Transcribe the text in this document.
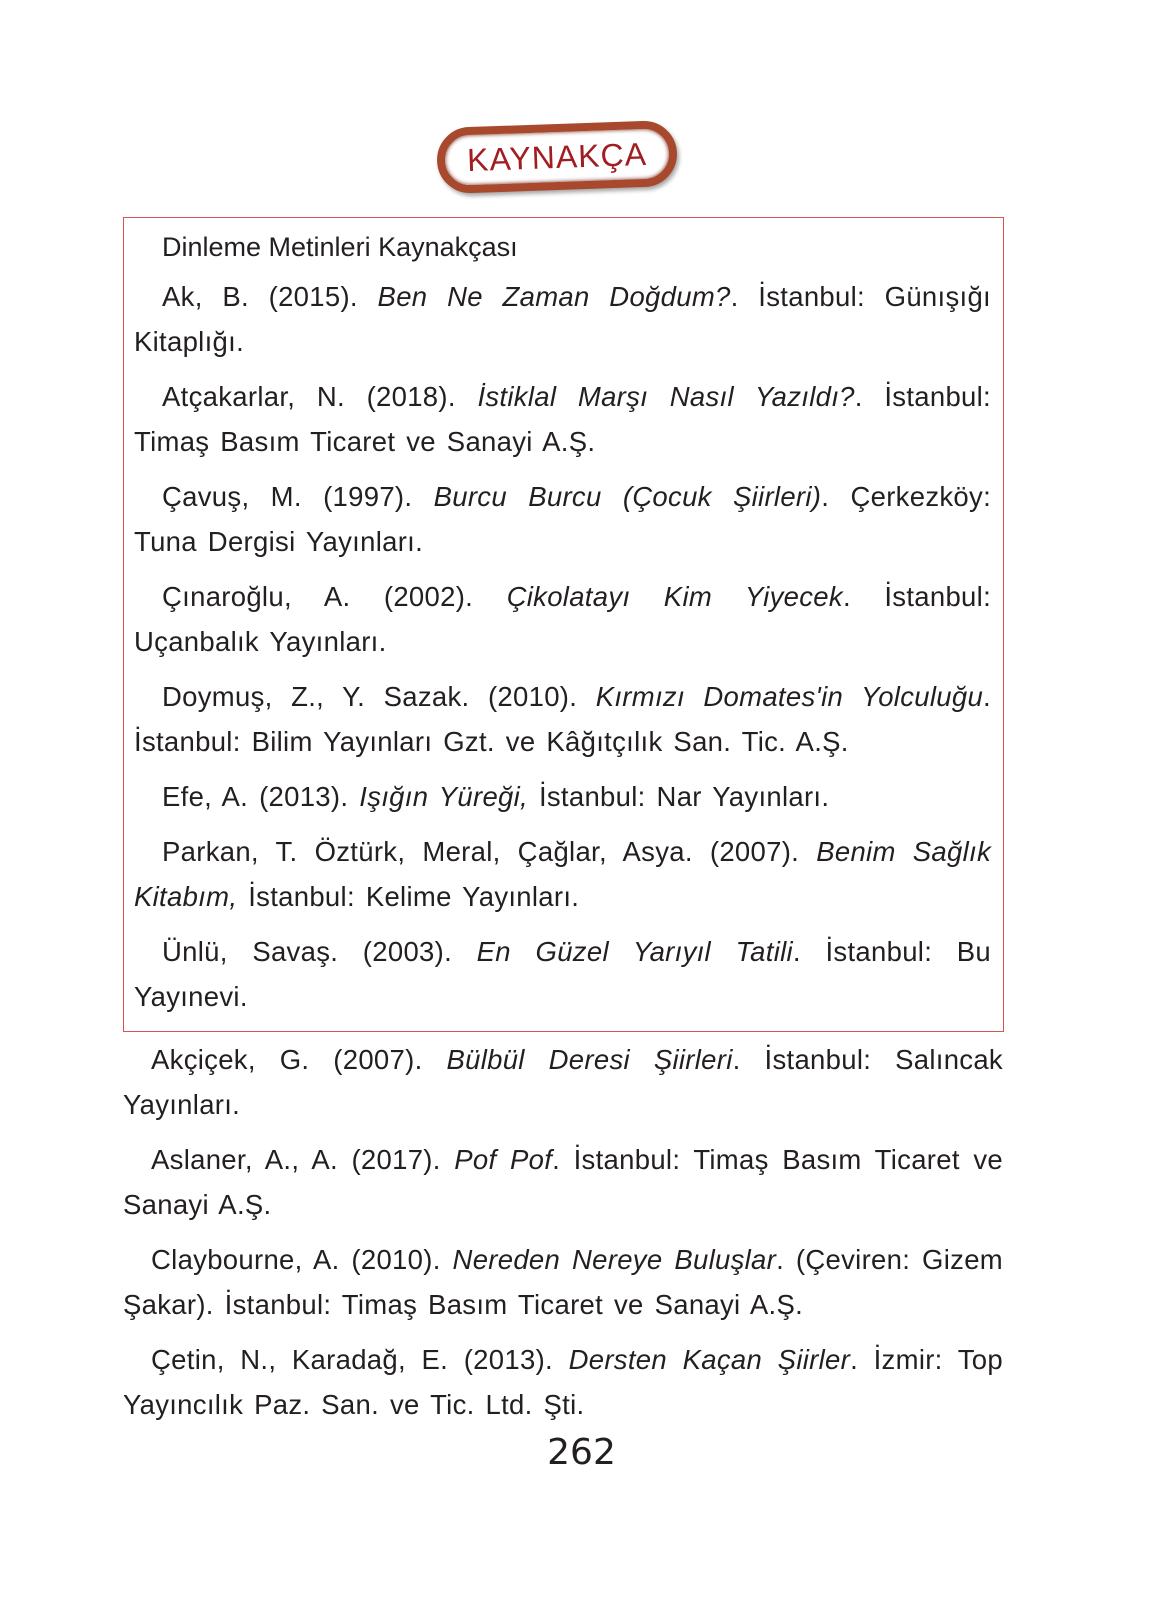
KAYNAKÇA
Dinleme Metinleri Kaynakçası

Ak, B. (2015). Ben Ne Zaman Doğdum?. İstanbul: Günışığı Kitaplığı.

Atçakarlar, N. (2018). İstiklal Marşı Nasıl Yazıldı?. İstanbul: Timaş Basım Ticaret ve Sanayi A.Ş.

Çavuş, M. (1997). Burcu Burcu (Çocuk Şiirleri). Çerkezköy: Tuna Dergisi Yayınları.

Çınaroğlu, A. (2002). Çikolatayı Kim Yiyecek. İstanbul: Uçanbalık Yayınları.

Doymuş, Z., Y. Sazak. (2010). Kırmızı Domates'in Yolculuğu. İstanbul: Bilim Yayınları Gzt. ve Kâğıtçılık San. Tic. A.Ş.

Efe, A. (2013). Işığın Yüreği, İstanbul: Nar Yayınları.

Parkan, T. Öztürk, Meral, Çağlar, Asya. (2007). Benim Sağlık Kitabım, İstanbul: Kelime Yayınları.

Ünlü, Savaş. (2003). En Güzel Yarıyıl Tatili. İstanbul: Bu Yayınevi.

Akçiçek, G. (2007). Bülbül Deresi Şiirleri. İstanbul: Salıncak Yayınları.

Aslaner, A., A. (2017). Pof Pof. İstanbul: Timaş Basım Ticaret ve Sanayi A.Ş.

Claybourne, A. (2010). Nereden Nereye Buluşlar. (Çeviren: Gizem Şakar). İstanbul: Timaş Basım Ticaret ve Sanayi A.Ş.

Çetin, N., Karadağ, E. (2013). Dersten Kaçan Şiirler. İzmir: Top Yayıncılık Paz. San. ve Tic. Ltd. Şti.

262
